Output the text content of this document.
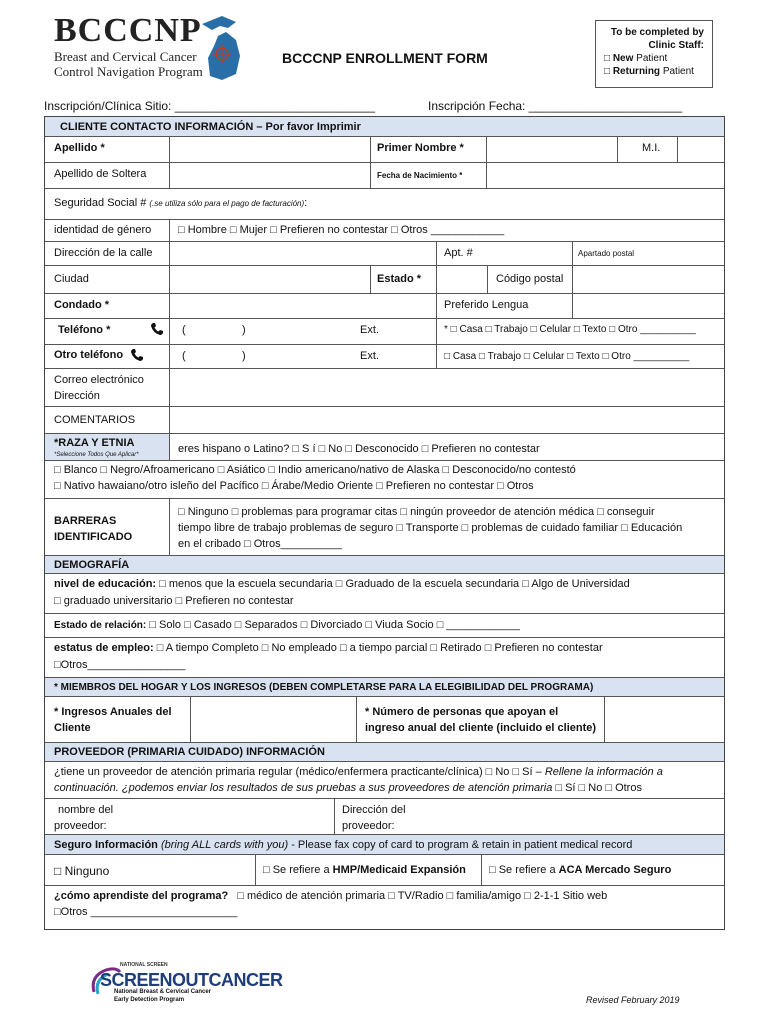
BCCCNP
Breast and Cervical Cancer
Control Navigation Program
BCCCNP ENROLLMENT FORM
To be completed by
Clinic Staff:
□ New Patient
□ Returning Patient
Inscripción/Clínica Sitio: ______________________________	Inscripción Fecha: _______________________
CLIENTE CONTACTO INFORMACIÓN – Por favor Imprimir
Apellido *	Primer Nombre *	M.I.
Apellido de Soltera	Fecha de Nacimiento *
Seguridad Social # (.se utiliza sólo para el pago de facturación):
identidad de género □ Hombre □ Mujer □ Prefieren no contestar □ Otros ____________
Dirección de la calle	Apt. #	Apartado postal
Ciudad	Estado *	Código postal
Condado *	Preferido Lengua
Teléfono *	(	)	Ext.	* □ Casa □ Trabajo □ Celular □ Texto □ Otro __________
Otro teléfono	(	)	Ext.	□ Casa □ Trabajo □ Celular □ Texto □ Otro __________
Correo electrónico
Dirección
COMENTARIOS
*RAZA Y ETNIA
*Seleccione Todos Que Aplicar*	eres hispano o Latino? □ S í □ No □ Desconocido □ Prefieren no contestar
□ Blanco □ Negro/Afroamericano □ Asiático □ Indio americano/nativo de Alaska □ Desconocido/no contestó
□ Nativo hawaiano/otro isleño del Pacífico □ Árabe/Medio Oriente □ Prefieren no contestar □ Otros
BARRERAS
IDENTIFICADO
□ Ninguno □ problemas para programar citas □ ningún proveedor de atención médica □ conseguir
tiempo libre de trabajo problemas de seguro □ Transporte □ problemas de cuidado familiar □ Educación
en el cribado □ Otros__________
DEMOGRAFÍA
nivel de educación: □ menos que la escuela secundaria □ Graduado de la escuela secundaria □ Algo de Universidad
□ graduado universitario □ Prefieren no contestar
Estado de relación: □ Solo □ Casado □ Separados □ Divorciado □ Viuda Socio □ ____________
estatus de empleo: □ A tiempo Completo □ No empleado □ a tiempo parcial □ Retirado □ Prefieren no contestar
□Otros________________
* MIEMBROS DEL HOGAR Y LOS INGRESOS (DEBEN COMPLETARSE PARA LA ELEGIBILIDAD DEL PROGRAMA)
* Ingresos Anuales del
Cliente
* Número de personas que apoyan el
ingreso anual del cliente (incluido el cliente)
PROVEEDOR (PRIMARIA CUIDADO) INFORMACIÓN
¿tiene un proveedor de atención primaria regular (médico/enfermera practicante/clínica) □ No □ Sí – Rellene la información a
continuación. ¿podemos enviar los resultados de sus pruebas a sus proveedores de atención primaria □ Sí □ No □ Otros
nombre del
proveedor:
Dirección del
proveedor:
Seguro Información (bring ALL cards with you) - Please fax copy of card to program & retain in patient medical record
□ Ninguno	□ Se refiere a HMP/Medicaid Expansión □ Se refiere a ACA Mercado Seguro
¿cómo aprendiste del programa? □ médico de atención primaria □ TV/Radio □ familia/amigo □ 2-1-1 Sitio web
□Otros ________________________
NATIONAL SCREEN
SCREENOUTCANCER
National Breast & Cervical Cancer
Early Detection Program	Revised February 2019
